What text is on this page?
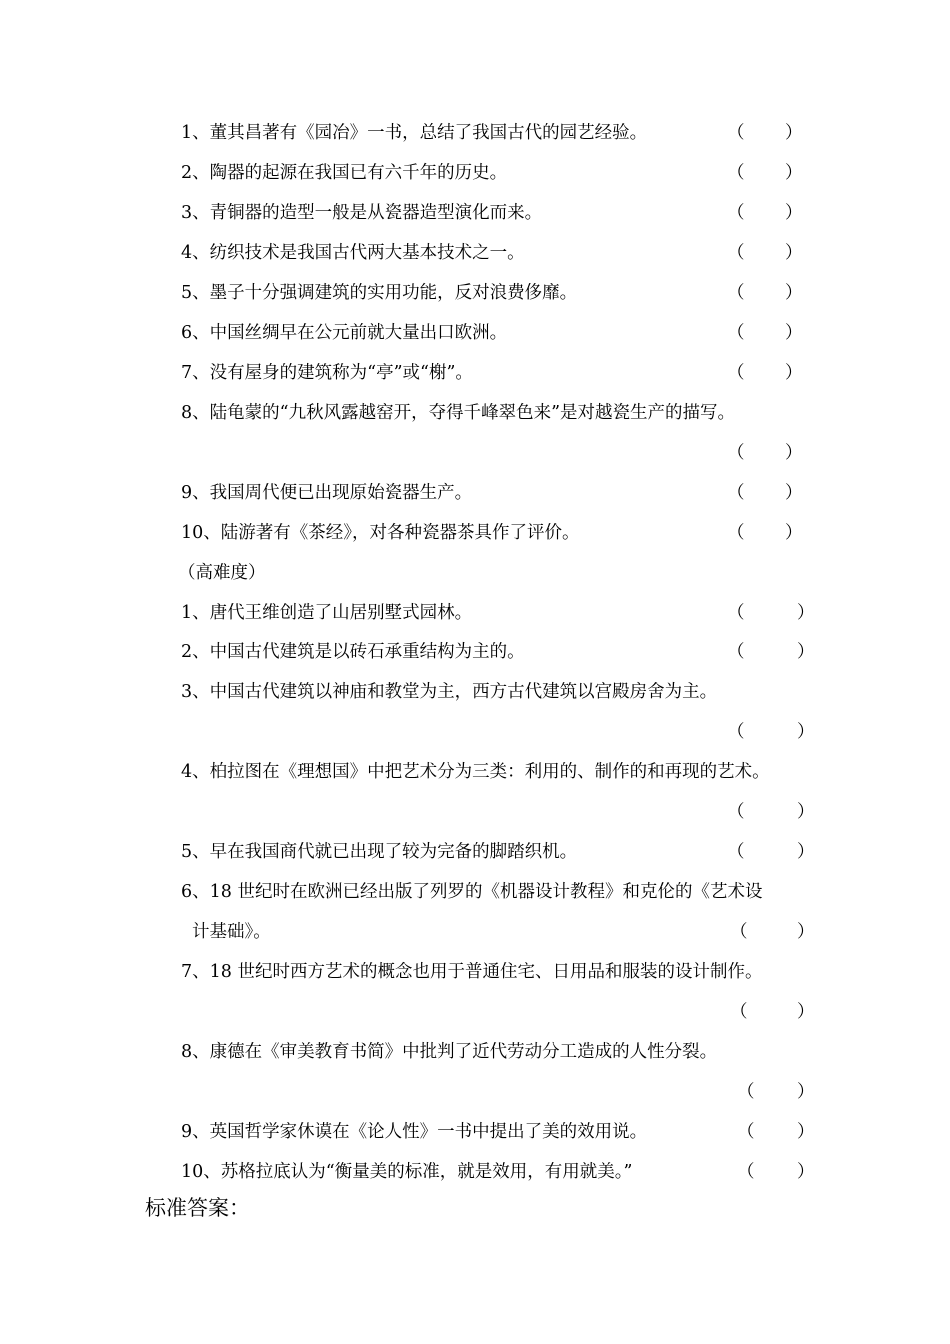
1、董其昌著有《园冶》一书，总结了我国古代的园艺经验。	（ ）
2、陶器的起源在我国已有六千年的历史。	（ ）
3、青铜器的造型一般是从瓷器造型演化而来。	（ ）
4、纺织技术是我国古代两大基本技术之一。	（ ）
5、墨子十分强调建筑的实用功能，反对浪费侈靡。	（ ）
6、中国丝绸早在公元前就大量出口欧洲。	（ ）
7、没有屋身的建筑称为“亭”或“榭”。	（ ）
8、陆龟蒙的“九秋风露越窑开，夺得千峰翠色来”是对越瓷生产的描写。
（ ）
9、我国周代便已出现原始瓷器生产。	（ ）
10、陆游著有《茶经》，对各种瓷器茶具作了评价。	（ ）
（高难度）
1、唐代王维创造了山居别墅式园林。	（	）
2、中国古代建筑是以砖石承重结构为主的。	（	）
3、中国古代建筑以神庙和教堂为主，西方古代建筑以宫殿房舍为主。
（	）
4、柏拉图在《理想国》中把艺术分为三类：利用的、制作的和再现的艺术。
（	）
5、早在我国商代就已出现了较为完备的脚踏织机。	（	）
6、18 世纪时在欧洲已经出版了列罗的《机器设计教程》和克伦的《艺术设
计基础》。	（	）
7、18 世纪时西方艺术的概念也用于普通住宅、日用品和服装的设计制作。
（	）
8、康德在《审美教育书简》中批判了近代劳动分工造成的人性分裂。
（ ）
9、英国哲学家休谟在《论人性》一书中提出了美的效用说。	（ ）
10、苏格拉底认为“衡量美的标准，就是效用，有用就美。”	（ ）
标准答案：
